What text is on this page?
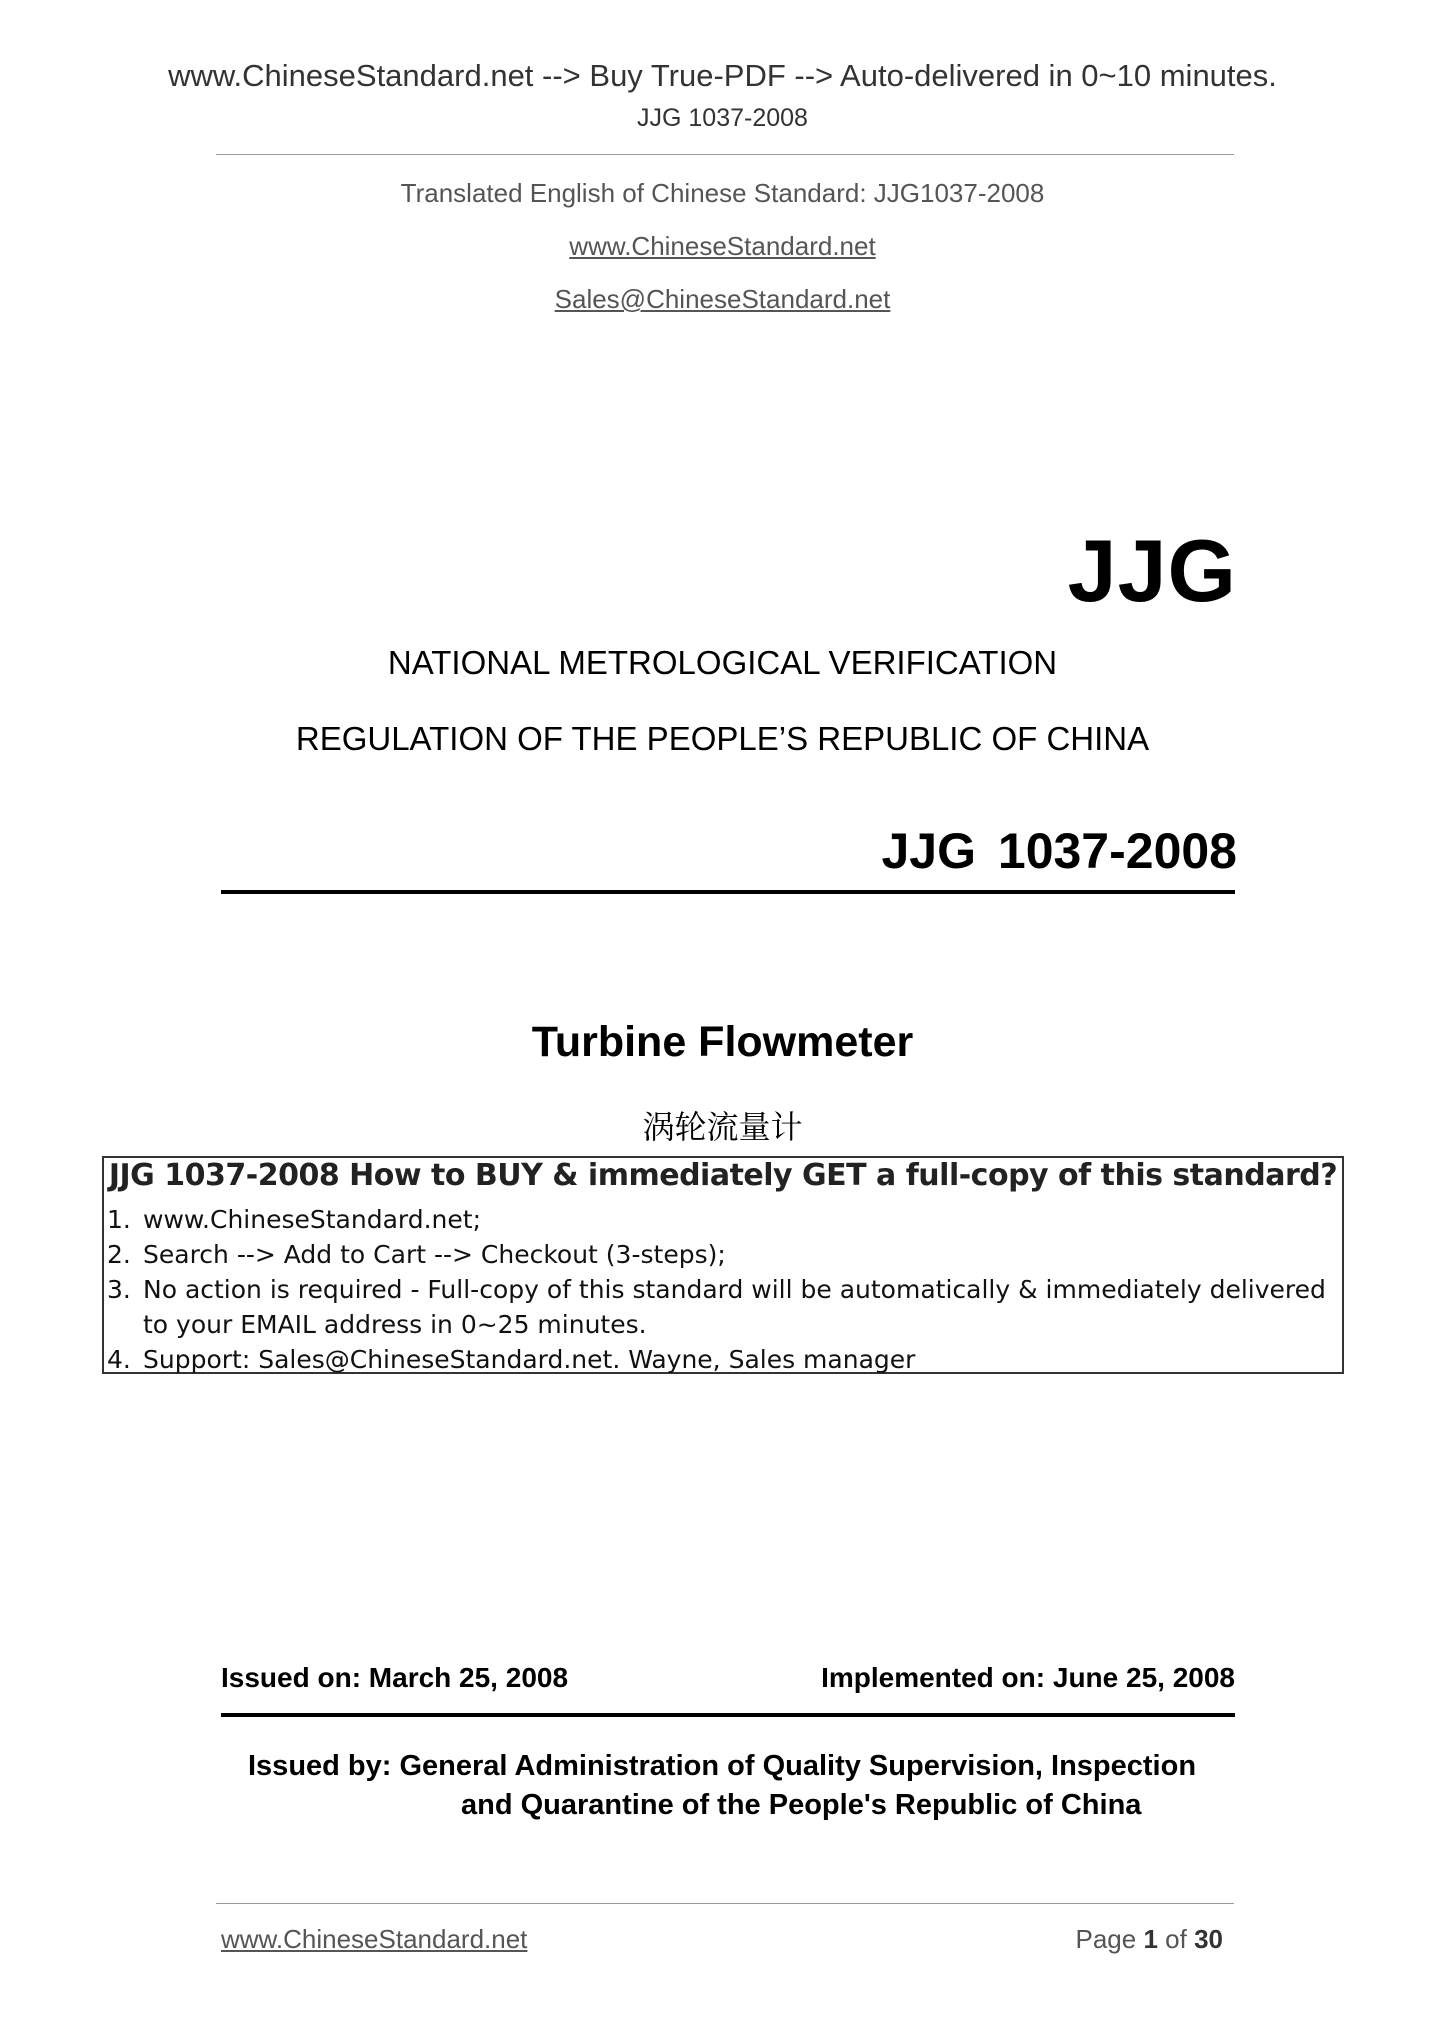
www.ChineseStandard.net --> Buy True-PDF --> Auto-delivered in 0~10 minutes.
JJG 1037-2008
Translated English of Chinese Standard: JJG1037-2008
www.ChineseStandard.net
Sales@ChineseStandard.net
JJG
NATIONAL METROLOGICAL VERIFICATION
REGULATION OF THE PEOPLE’S REPUBLIC OF CHINA
JJG 1037-2008
Turbine Flowmeter
涡轮流量计
JJG 1037-2008 How to BUY & immediately GET a full-copy of this standard?
1. www.ChineseStandard.net;
2. Search --> Add to Cart --> Checkout (3-steps);
3. No action is required - Full-copy of this standard will be automatically & immediately delivered to your EMAIL address in 0~25 minutes.
4. Support: Sales@ChineseStandard.net. Wayne, Sales manager
Issued on: March 25, 2008	Implemented on: June 25, 2008
Issued by: General Administration of Quality Supervision, Inspection
and Quarantine of the People's Republic of China
www.ChineseStandard.net	Page 1 of 30
